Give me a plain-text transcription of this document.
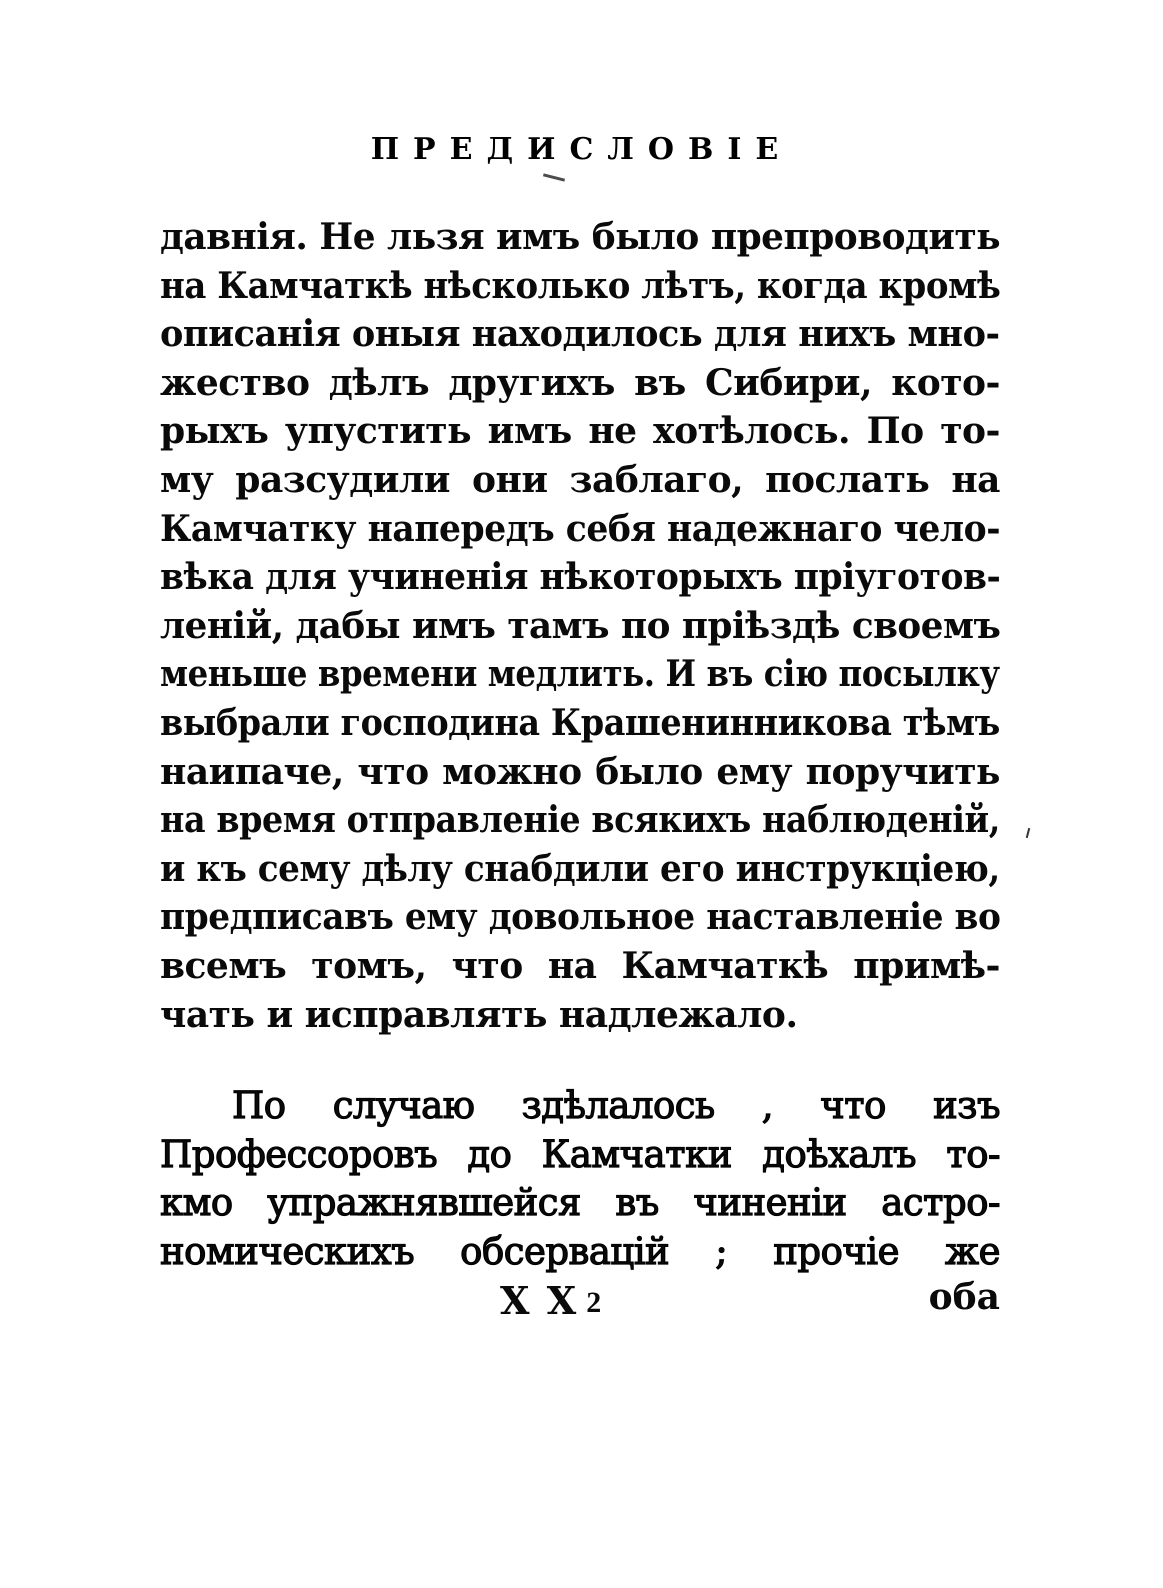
ПРЕДИСЛОВІЕ
давнія. Не льзя имъ было препроводить
на Камчаткѣ нѣсколько лѣтъ, когда кромѣ
описанія оныя находилось для нихъ мно-
жество дѣлъ другихъ въ Сибири, кото-
рыхъ упустить имъ не хотѣлось. По то-
му разсудили они заблаго, послать на
Камчатку напередъ себя надежнаго чело-
вѣка для учиненія нѣкоторыхъ пріуготов-
леній, дабы имъ тамъ по пріѣздѣ своемъ
меньше времени медлить. И въ сію посылку
выбрали господина Крашенинникова тѣмъ
наипаче, что можно было ему поручить
на время отправленіе всякихъ наблюденій,
и къ сему дѣлу снабдили его инструкціею,
предписавъ ему довольное наставленіе во
всемъ томъ, что на Камчаткѣ примѣ-
чать и исправлять надлежало.
По случаю здѣлалось , что изъ
Профессоровъ до Камчатки доѣхалъ то-
кмо упражнявшейся въ чиненіи астро-
номическихъ обсервацій ; прочіе же
X X 2	оба
